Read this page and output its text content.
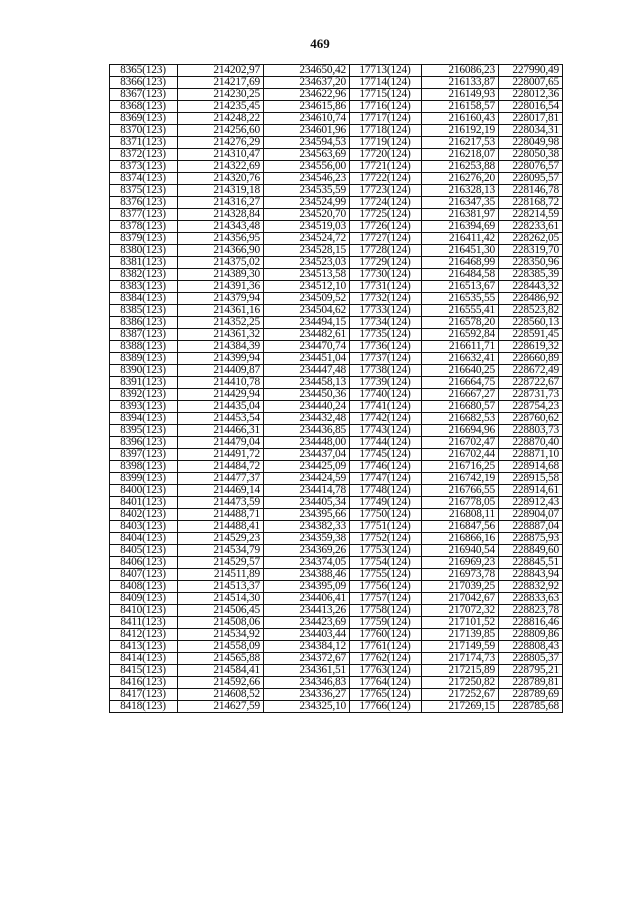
469
8365(123)	214202,97	234650,42	17713(124)	216086,23	227990,49
8366(123)	214217,69	234637,20	17714(124)	216133,87	228007,65
8367(123)	214230,25	234622,96	17715(124)	216149,93	228012,36
8368(123)	214235,45	234615,86	17716(124)	216158,57	228016,54
8369(123)	214248,22	234610,74	17717(124)	216160,43	228017,81
8370(123)	214256,60	234601,96	17718(124)	216192,19	228034,31
8371(123)	214276,29	234594,53	17719(124)	216217,53	228049,98
8372(123)	214310,47	234563,69	17720(124)	216218,07	228050,38
8373(123)	214322,69	234556,00	17721(124)	216253,88	228076,57
8374(123)	214320,76	234546,23	17722(124)	216276,20	228095,57
8375(123)	214319,18	234535,59	17723(124)	216328,13	228146,78
8376(123)	214316,27	234524,99	17724(124)	216347,35	228168,72
8377(123)	214328,84	234520,70	17725(124)	216381,97	228214,59
8378(123)	214343,48	234519,03	17726(124)	216394,69	228233,61
8379(123)	214356,95	234524,72	17727(124)	216411,42	228262,05
8380(123)	214366,90	234528,15	17728(124)	216451,30	228319,70
8381(123)	214375,02	234523,03	17729(124)	216468,99	228350,96
8382(123)	214389,30	234513,58	17730(124)	216484,58	228385,39
8383(123)	214391,36	234512,10	17731(124)	216513,67	228443,32
8384(123)	214379,94	234509,52	17732(124)	216535,55	228486,92
8385(123)	214361,16	234504,62	17733(124)	216555,41	228523,82
8386(123)	214352,25	234494,15	17734(124)	216578,20	228560,13
8387(123)	214361,32	234482,61	17735(124)	216592,84	228591,45
8388(123)	214384,39	234470,74	17736(124)	216611,71	228619,32
8389(123)	214399,94	234451,04	17737(124)	216632,41	228660,89
8390(123)	214409,87	234447,48	17738(124)	216640,25	228672,49
8391(123)	214410,78	234458,13	17739(124)	216664,75	228722,67
8392(123)	214429,94	234450,36	17740(124)	216667,27	228731,73
8393(123)	214435,04	234440,24	17741(124)	216680,57	228754,23
8394(123)	214453,54	234432,48	17742(124)	216682,53	228760,62
8395(123)	214466,31	234436,85	17743(124)	216694,96	228803,73
8396(123)	214479,04	234448,00	17744(124)	216702,47	228870,40
8397(123)	214491,72	234437,04	17745(124)	216702,44	228871,10
8398(123)	214484,72	234425,09	17746(124)	216716,25	228914,68
8399(123)	214477,37	234424,59	17747(124)	216742,19	228915,58
8400(123)	214469,14	234414,78	17748(124)	216766,55	228914,61
8401(123)	214473,59	234405,34	17749(124)	216778,05	228912,43
8402(123)	214488,71	234395,66	17750(124)	216808,11	228904,07
8403(123)	214488,41	234382,33	17751(124)	216847,56	228887,04
8404(123)	214529,23	234359,38	17752(124)	216866,16	228875,93
8405(123)	214534,79	234369,26	17753(124)	216940,54	228849,60
8406(123)	214529,57	234374,05	17754(124)	216969,23	228845,51
8407(123)	214511,89	234388,46	17755(124)	216973,78	228843,94
8408(123)	214513,37	234395,09	17756(124)	217039,25	228832,92
8409(123)	214514,30	234406,41	17757(124)	217042,67	228833,63
8410(123)	214506,45	234413,26	17758(124)	217072,32	228823,78
8411(123)	214508,06	234423,69	17759(124)	217101,52	228816,46
8412(123)	214534,92	234403,44	17760(124)	217139,85	228809,86
8413(123)	214558,09	234384,12	17761(124)	217149,59	228808,43
8414(123)	214565,88	234372,67	17762(124)	217174,73	228805,37
8415(123)	214584,41	234361,51	17763(124)	217215,89	228795,21
8416(123)	214592,66	234346,83	17764(124)	217250,82	228789,81
8417(123)	214608,52	234336,27	17765(124)	217252,67	228789,69
8418(123)	214627,59	234325,10	17766(124)	217269,15	228785,68
